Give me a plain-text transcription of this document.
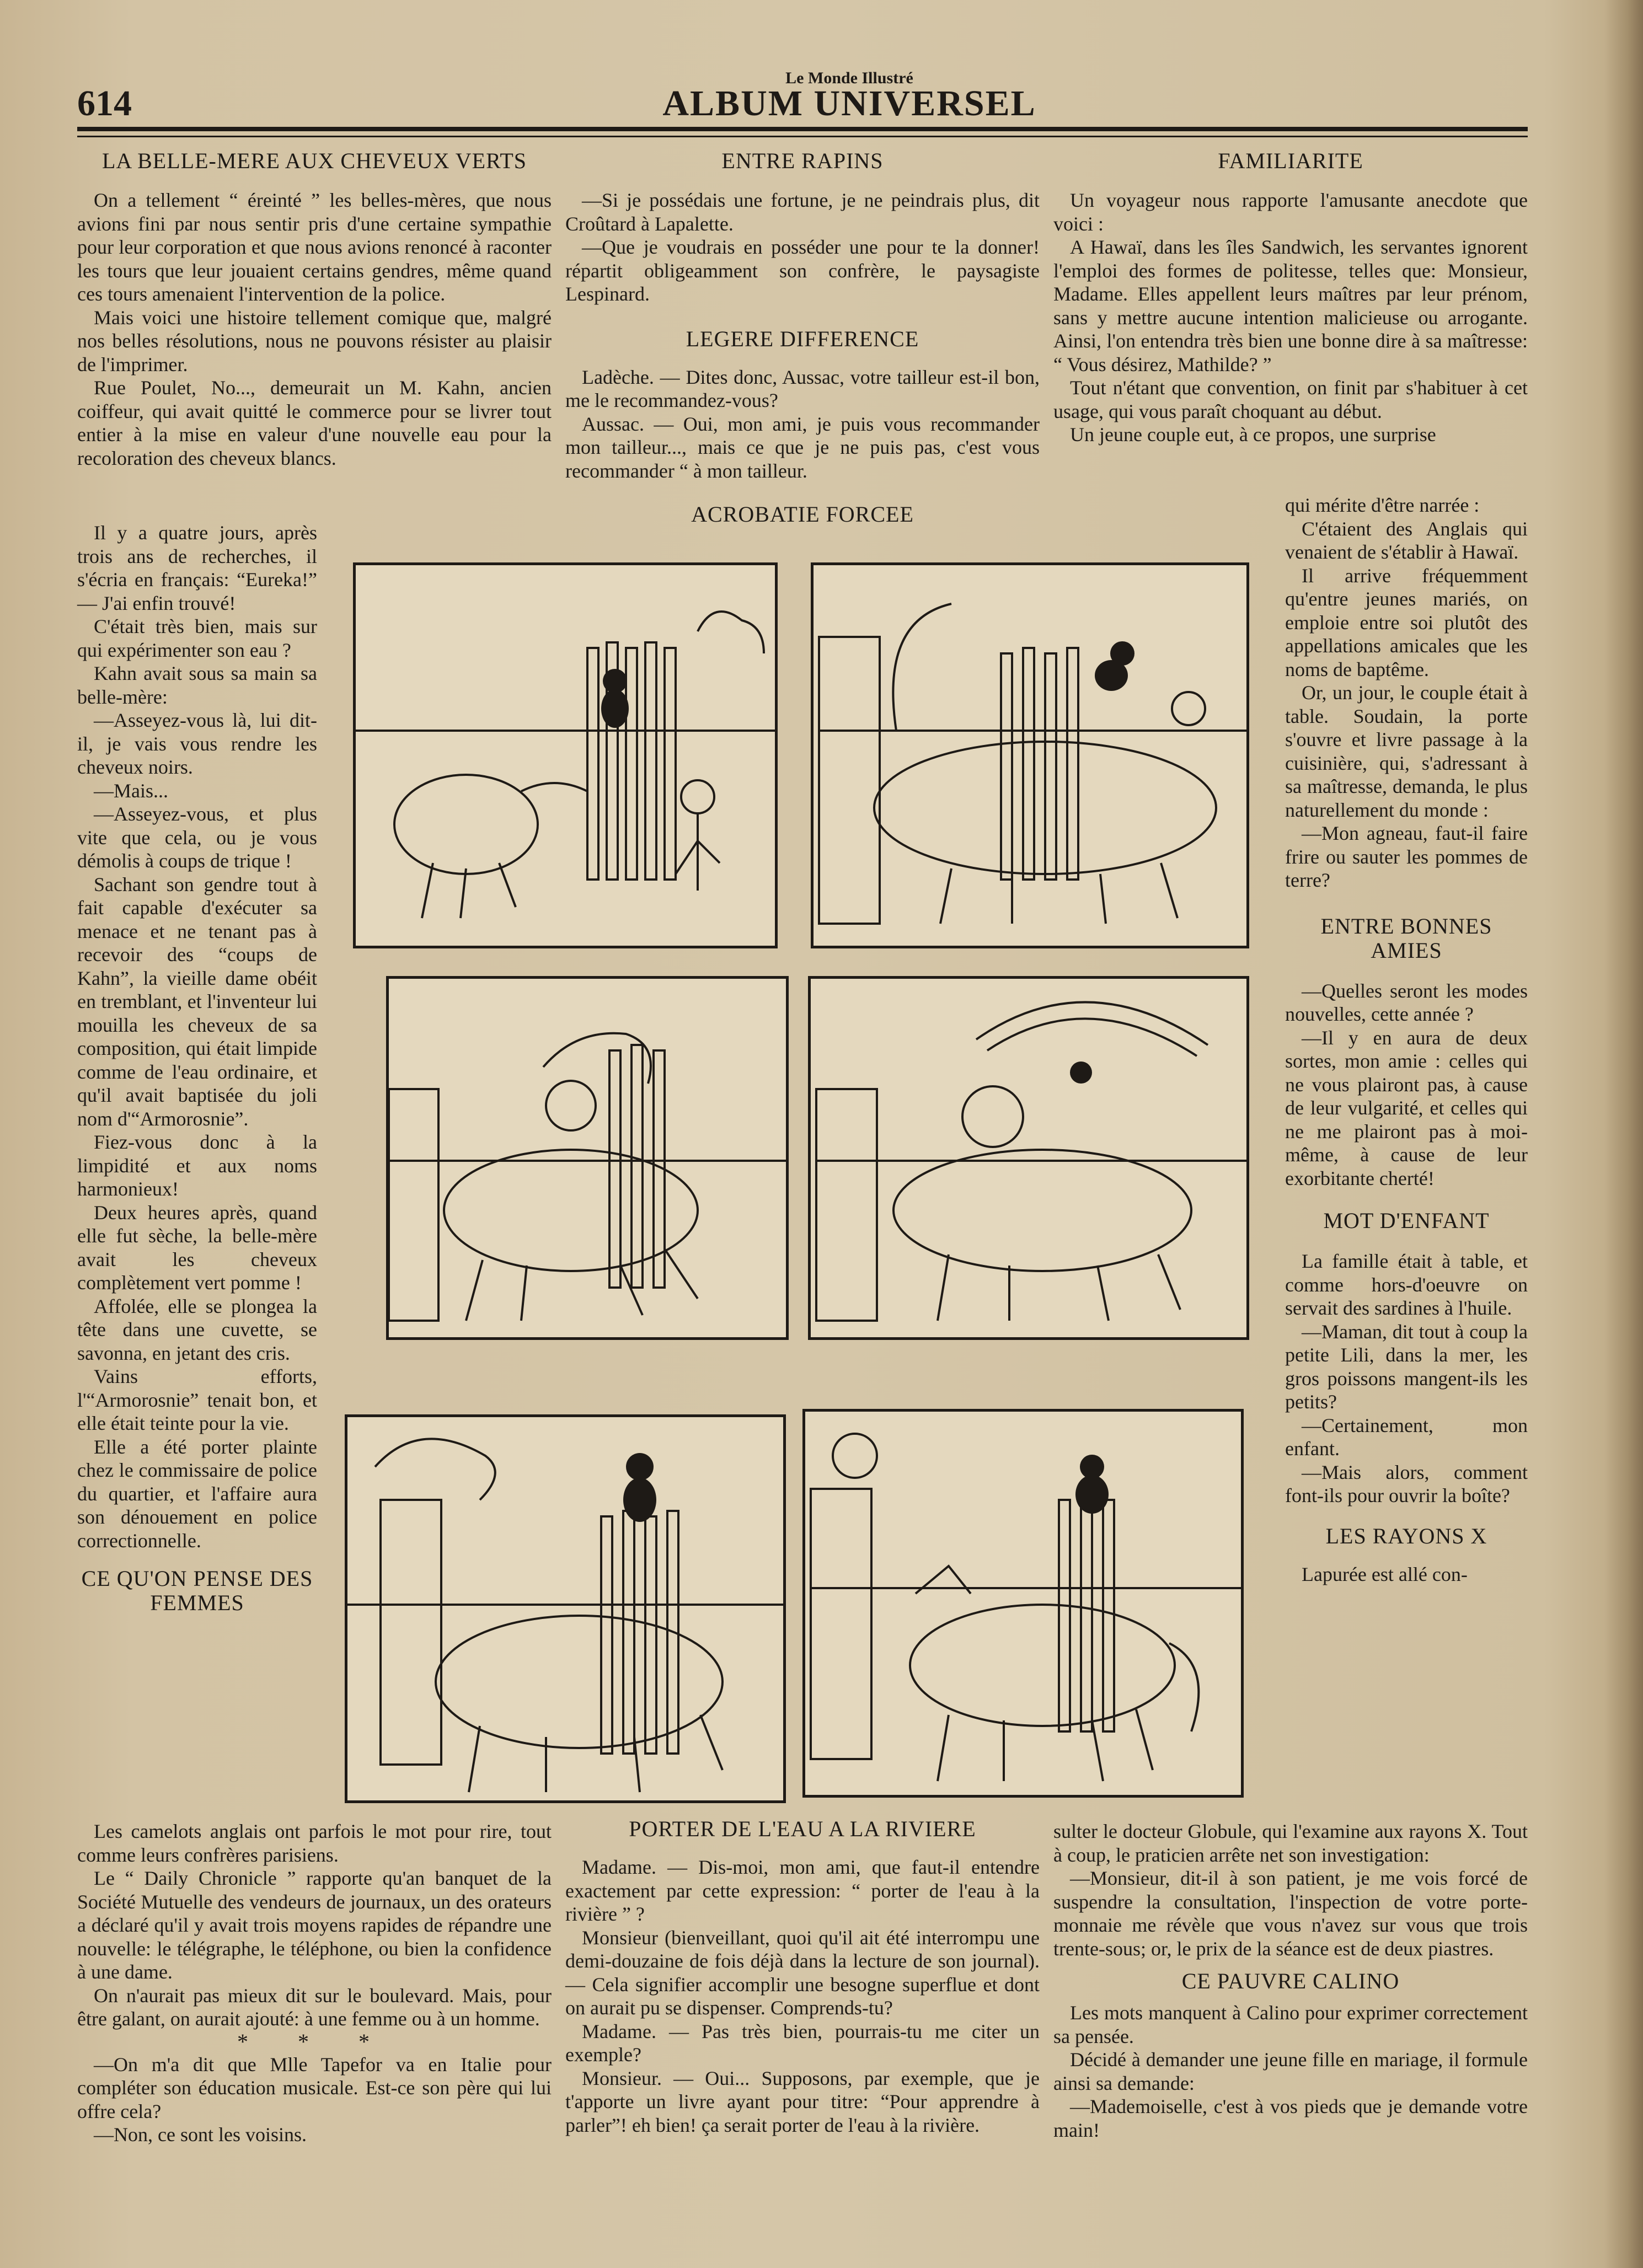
614
Le Monde Illustré
ALBUM UNIVERSEL
LA BELLE-MERE AUX CHEVEUX VERTS

On a tellement “ éreinté ” les belles-mères, que nous avions fini par nous sentir pris d'une certaine sympathie pour leur corporation et que nous avions renoncé à raconter les tours que leur jouaient certains gendres, même quand ces tours amenaient l'intervention de la police.

Mais voici une histoire tellement comique que, malgré nos belles résolutions, nous ne pouvons résister au plaisir de l'imprimer.

Rue Poulet, No..., demeurait un M. Kahn, ancien coiffeur, qui avait quitté le commerce pour se livrer tout entier à la mise en valeur d'une nouvelle eau pour la recoloration des cheveux blancs.

Il y a quatre jours, après trois ans de recherches, il s'écria en français: “Eureka!” — J'ai enfin trouvé!

C'était très bien, mais sur qui expérimenter son eau ?

Kahn avait sous sa main sa belle-mère:

—Asseyez-vous là, lui dit-il, je vais vous rendre les cheveux noirs.

—Mais...

—Asseyez-vous, et plus vite que cela, ou je vous démolis à coups de trique !

Sachant son gendre tout à fait capable d'exécuter sa menace et ne tenant pas à recevoir des “coups de Kahn”, la vieille dame obéit en tremblant, et l'inventeur lui mouilla les cheveux de sa composition, qui était limpide comme de l'eau ordinaire, et qu'il avait baptisée du joli nom d'“Armorosnie”.

Fiez-vous donc à la limpidité et aux noms harmonieux!

Deux heures après, quand elle fut sèche, la belle-mère avait les cheveux complètement vert pomme !

Affolée, elle se plongea la tête dans une cuvette, se savonna, en jetant des cris.

Vains efforts, l'“Armorosnie” tenait bon, et elle était teinte pour la vie.

Elle a été porter plainte chez le commissaire de police du quartier, et l'affaire aura son dénouement en police correctionnelle.

CE QU'ON PENSE DES FEMMES

Les camelots anglais ont parfois le mot pour rire, tout comme leurs confrères parisiens.

Le “ Daily Chronicle ” rapporte qu'an banquet de la Société Mutuelle des vendeurs de journaux, un des orateurs a déclaré qu'il y avait trois moyens rapides de répandre une nouvelle: le télégraphe, le téléphone, ou bien la confidence à une dame.

On n'aurait pas mieux dit sur le boulevard. Mais, pour être galant, on aurait ajouté: à une femme ou à un homme.

* * *

—On m'a dit que Mlle Tapefor va en Italie pour compléter son éducation musicale. Est-ce son père qui lui offre cela?

—Non, ce sont les voisins.

ENTRE RAPINS

—Si je possédais une fortune, je ne peindrais plus, dit Croûtard à Lapalette.

—Que je voudrais en posséder une pour te la donner! répartit obligeamment son confrère, le paysagiste Lespinard.

LEGERE DIFFERENCE

Ladèche. — Dites donc, Aussac, votre tailleur est-il bon, me le recommandez-vous?

Aussac. — Oui, mon ami, je puis vous recommander mon tailleur..., mais ce que je ne puis pas, c'est vous recommander “ à mon tailleur.

ACROBATIE FORCEE
PORTER DE L'EAU A LA RIVIERE

Madame. — Dis-moi, mon ami, que faut-il entendre exactement par cette expression: “ porter de l'eau à la rivière ” ?

Monsieur (bienveillant, quoi qu'il ait été interrompu une demi-douzaine de fois déjà dans la lecture de son journal). — Cela signifier accomplir une besogne superflue et dont on aurait pu se dispenser. Comprends-tu?

Madame. — Pas très bien, pourrais-tu me citer un exemple?

Monsieur. — Oui... Supposons, par exemple, que je t'apporte un livre ayant pour titre: “Pour apprendre à parler”! eh bien! ça serait porter de l'eau à la rivière.

FAMILIARITE

Un voyageur nous rapporte l'amusante anecdote que voici :

A Hawaï, dans les îles Sandwich, les servantes ignorent l'emploi des formes de politesse, telles que: Monsieur, Madame. Elles appellent leurs maîtres par leur prénom, sans y mettre aucune intention malicieuse ou arrogante. Ainsi, l'on entendra très bien une bonne dire à sa maîtresse: “ Vous désirez, Mathilde? ”

Tout n'étant que convention, on finit par s'habituer à cet usage, qui vous paraît choquant au début.

Un jeune couple eut, à ce propos, une surprise

qui mérite d'être narrée :

C'étaient des Anglais qui venaient de s'établir à Hawaï.

Il arrive fréquemment qu'entre jeunes mariés, on emploie entre soi plutôt des appellations amicales que les noms de baptême.

Or, un jour, le couple était à table. Soudain, la porte s'ouvre et livre passage à la cuisinière, qui, s'adressant à sa maîtresse, demanda, le plus naturellement du monde :

—Mon agneau, faut-il faire frire ou sauter les pommes de terre?

ENTRE BONNES AMIES

—Quelles seront les modes nouvelles, cette année ?

—Il y en aura de deux sortes, mon amie : celles qui ne vous plairont pas, à cause de leur vulgarité, et celles qui ne me plairont pas à moi-même, à cause de leur exorbitante cherté!

MOT D'ENFANT

La famille était à table, et comme hors-d'oeuvre on servait des sardines à l'huile.

—Maman, dit tout à coup la petite Lili, dans la mer, les gros poissons mangent-ils les petits?

—Certainement, mon enfant.

—Mais alors, comment font-ils pour ouvrir la boîte?

LES RAYONS X

Lapurée est allé con-

sulter le docteur Globule, qui l'examine aux rayons X. Tout à coup, le praticien arrête net son investigation:

—Monsieur, dit-il à son patient, je me vois forcé de suspendre la consultation, l'inspection de votre porte-monnaie me révèle que vous n'avez sur vous que trois trente-sous; or, le prix de la séance est de deux piastres.

CE PAUVRE CALINO

Les mots manquent à Calino pour exprimer correctement sa pensée.

Décidé à demander une jeune fille en mariage, il formule ainsi sa demande:

—Mademoiselle, c'est à vos pieds que je demande votre main!
